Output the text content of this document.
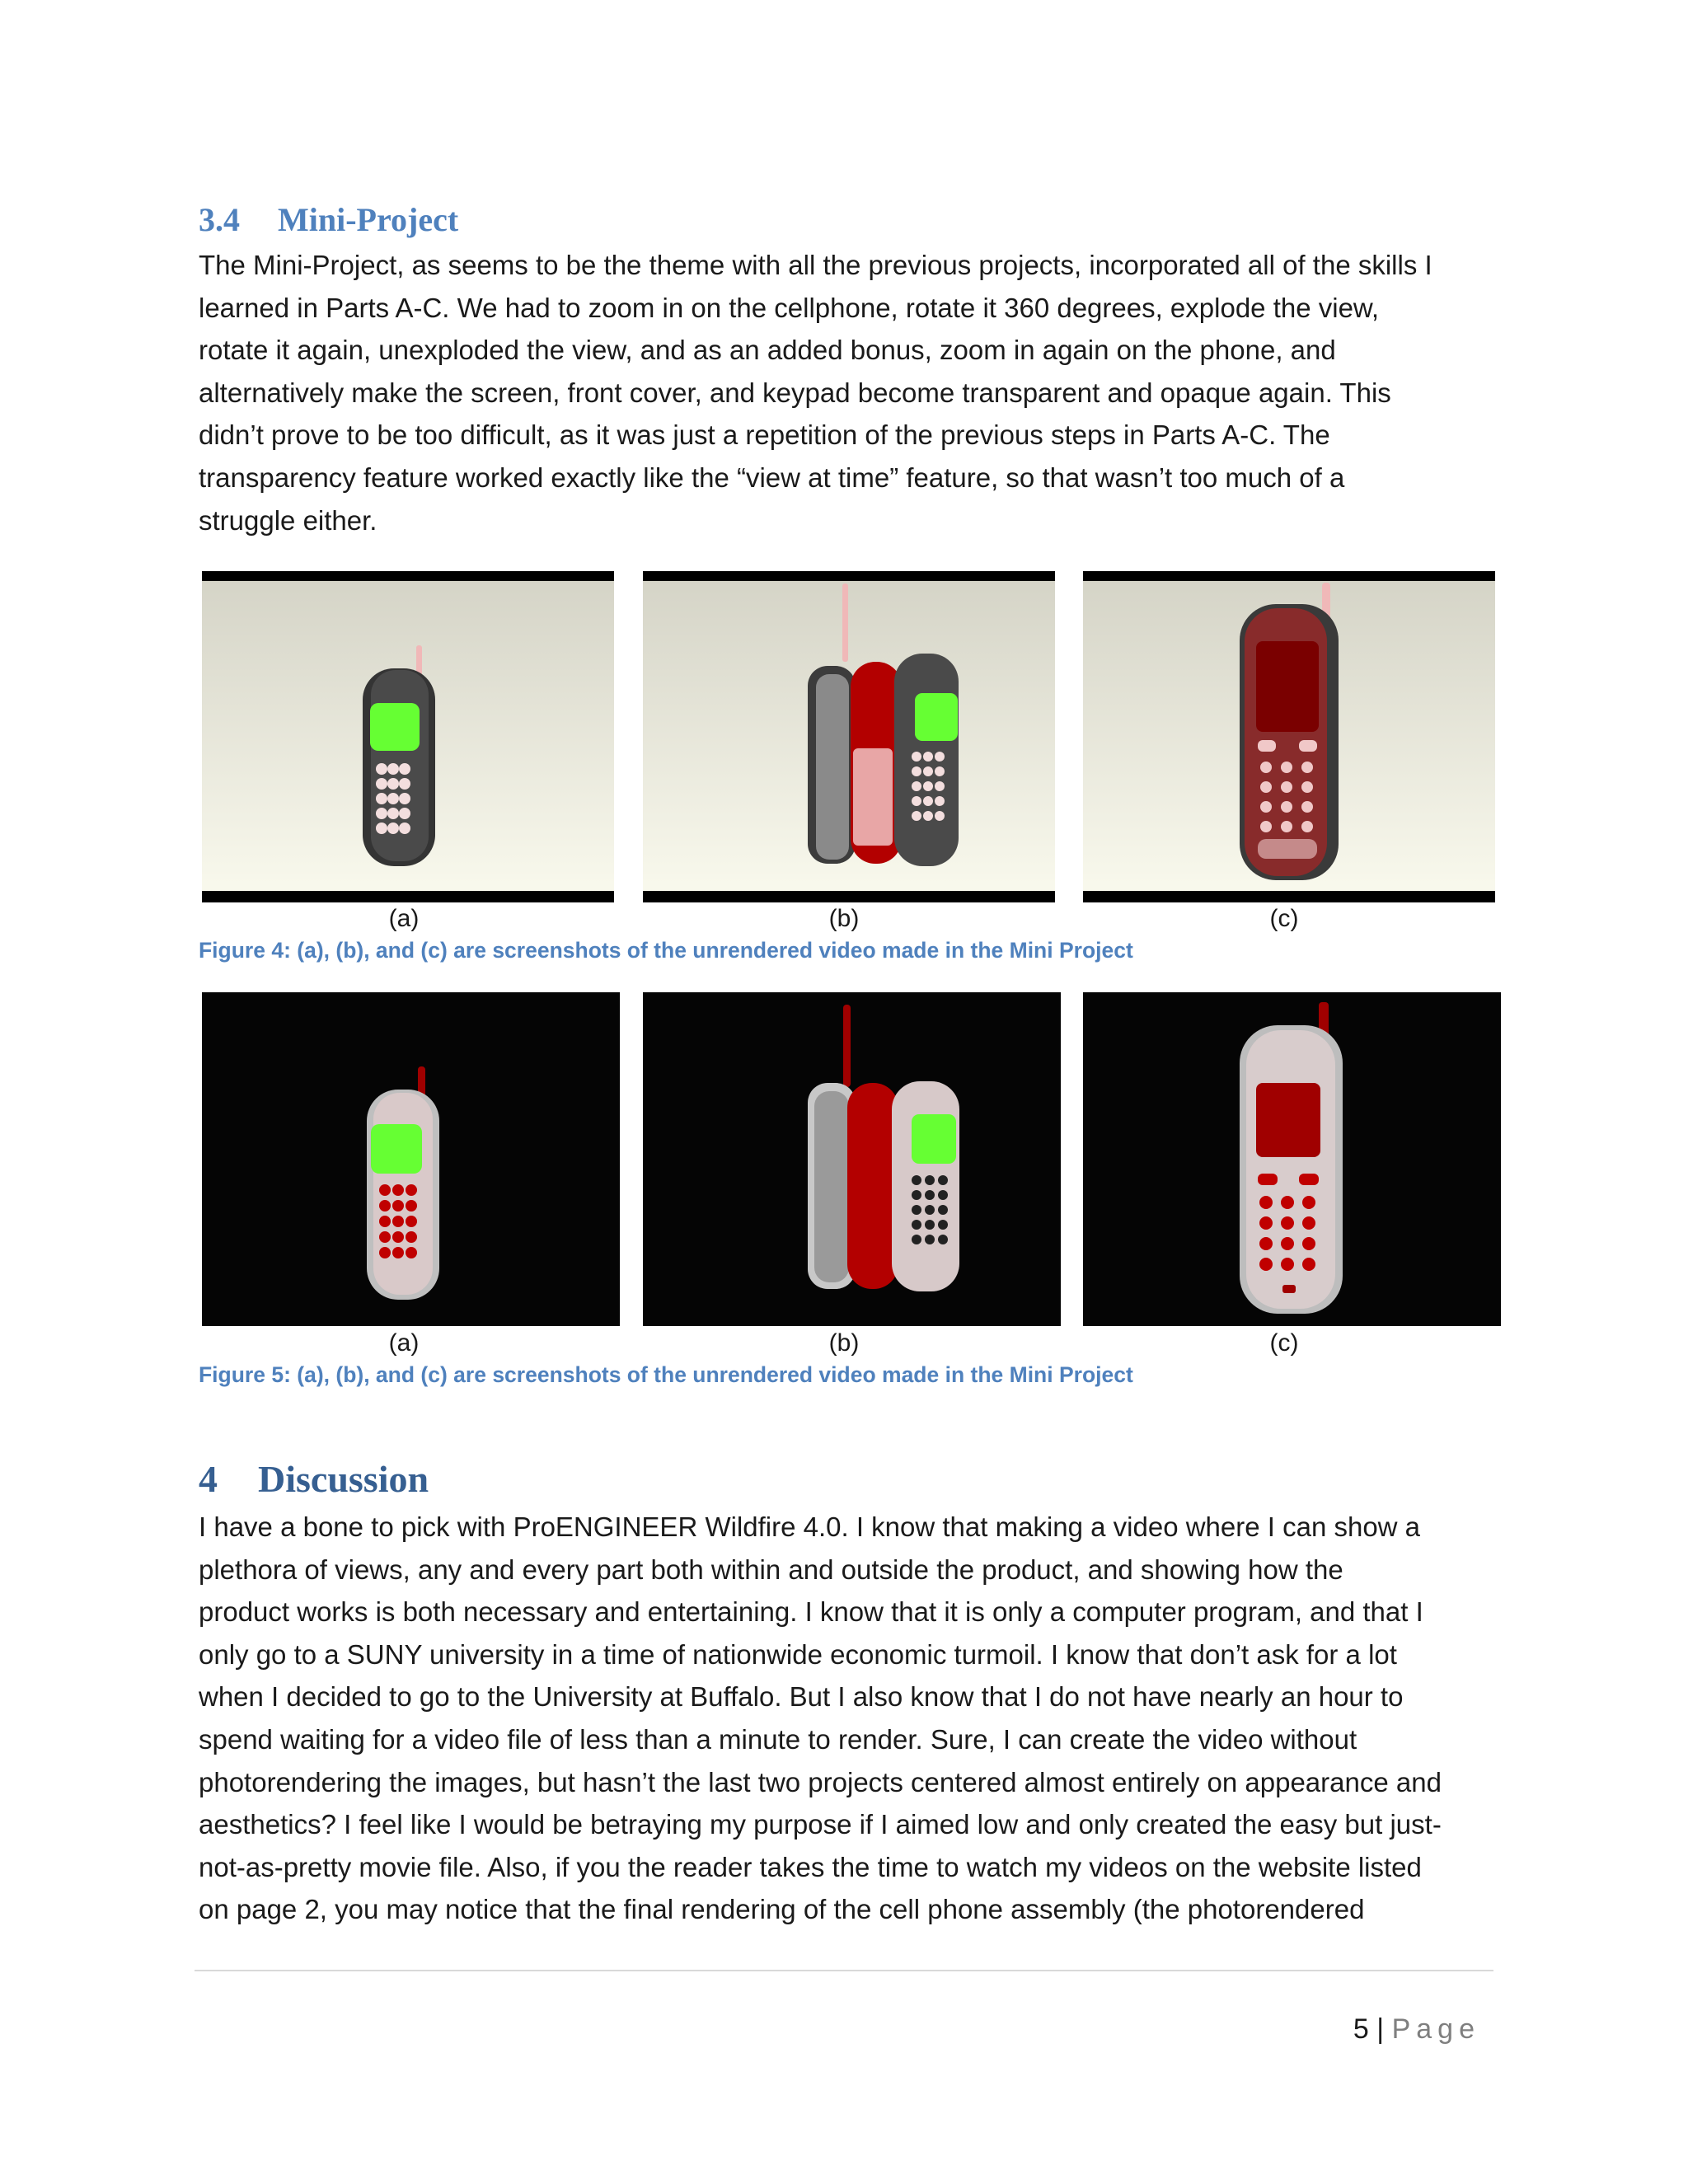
3.4 Mini-Project
The Mini-Project, as seems to be the theme with all the previous projects, incorporated all of the skills I
learned in Parts A-C. We had to zoom in on the cellphone, rotate it 360 degrees, explode the view,
rotate it again, unexploded the view, and as an added bonus, zoom in again on the phone, and
alternatively make the screen, front cover, and keypad become transparent and opaque again. This
didn’t prove to be too difficult, as it was just a repetition of the previous steps in Parts A-C. The
transparency feature worked exactly like the “view at time” feature, so that wasn’t too much of a
struggle either.
(a)	(b)	(c)
Figure 4: (a), (b), and (c) are screenshots of the unrendered video made in the Mini Project
(a)	(b)	(c)
Figure 5: (a), (b), and (c) are screenshots of the unrendered video made in the Mini Project
4 Discussion
I have a bone to pick with ProENGINEER Wildfire 4.0. I know that making a video where I can show a
plethora of views, any and every part both within and outside the product, and showing how the
product works is both necessary and entertaining. I know that it is only a computer program, and that I
only go to a SUNY university in a time of nationwide economic turmoil. I know that don’t ask for a lot
when I decided to go to the University at Buffalo. But I also know that I do not have nearly an hour to
spend waiting for a video file of less than a minute to render. Sure, I can create the video without
photorendering the images, but hasn’t the last two projects centered almost entirely on appearance and
aesthetics? I feel like I would be betraying my purpose if I aimed low and only created the easy but just-
not-as-pretty movie file. Also, if you the reader takes the time to watch my videos on the website listed
on page 2, you may notice that the final rendering of the cell phone assembly (the photorendered
5 | Page
